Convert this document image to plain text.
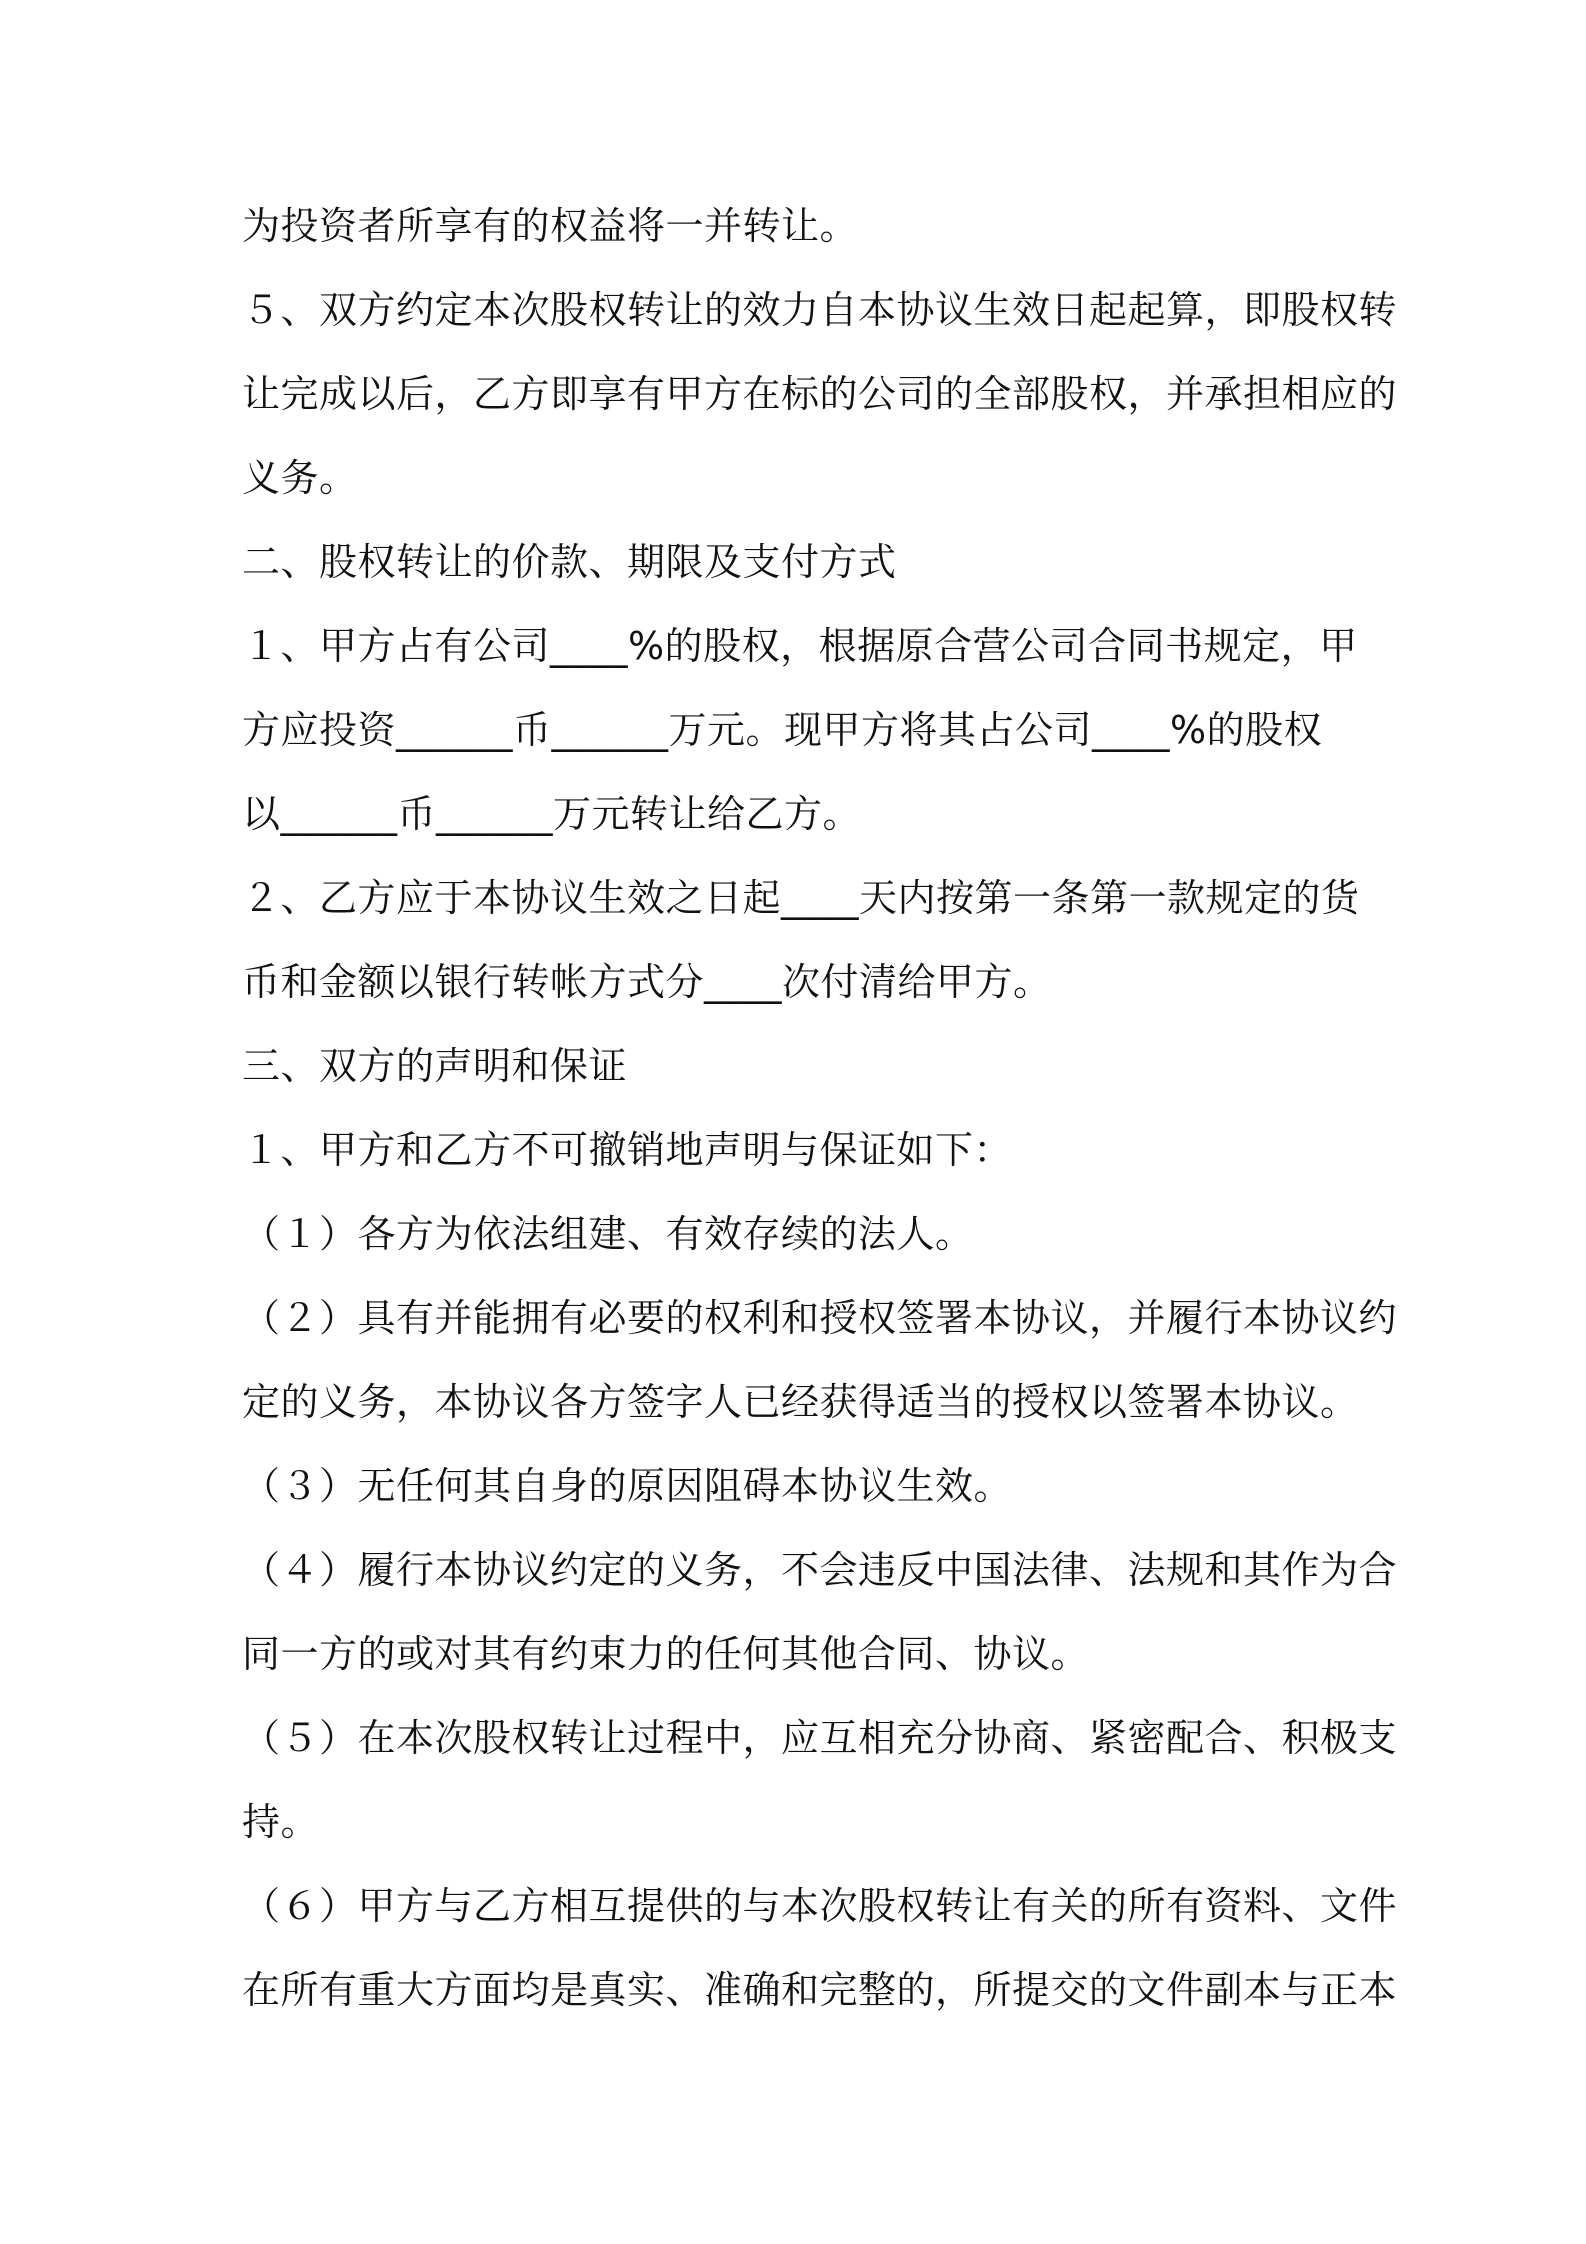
为投资者所享有的权益将一并转让。
５、双方约定本次股权转让的效力自本协议生效日起起算，即股权转
让完成以后，乙方即享有甲方在标的公司的全部股权，并承担相应的
义务。
二、股权转让的价款、期限及支付方式
１、甲方占有公司____%的股权，根据原合营公司合同书规定，甲
方应投资______币______万元。现甲方将其占公司____%的股权
以______币______万元转让给乙方。
２、乙方应于本协议生效之日起____天内按第一条第一款规定的货
币和金额以银行转帐方式分____次付清给甲方。
三、双方的声明和保证
１、甲方和乙方不可撤销地声明与保证如下：
（１）各方为依法组建、有效存续的法人。
（２）具有并能拥有必要的权利和授权签署本协议，并履行本协议约
定的义务，本协议各方签字人已经获得适当的授权以签署本协议。
（３）无任何其自身的原因阻碍本协议生效。
（４）履行本协议约定的义务，不会违反中国法律、法规和其作为合
同一方的或对其有约束力的任何其他合同、协议。
（５）在本次股权转让过程中，应互相充分协商、紧密配合、积极支
持。
（６）甲方与乙方相互提供的与本次股权转让有关的所有资料、文件
在所有重大方面均是真实、准确和完整的，所提交的文件副本与正本
